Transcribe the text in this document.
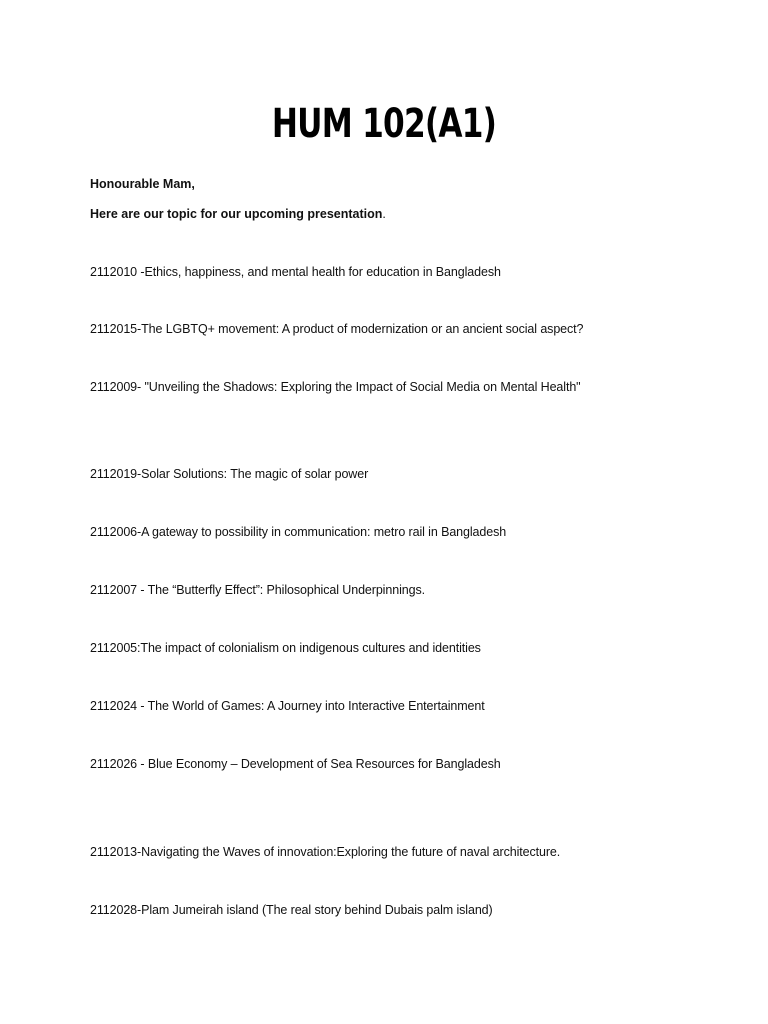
HUM 102(A1)

Honourable Mam,

Here are our topic for our upcoming presentation.

2112010 -Ethics, happiness, and mental health for education in Bangladesh

2112015-The LGBTQ+ movement: A product of modernization or an ancient social aspect?

2112009- "Unveiling the Shadows: Exploring the Impact of Social Media on Mental Health"

2112019-Solar Solutions: The magic of solar power

2112006-A gateway to possibility in communication: metro rail in Bangladesh

2112007 - The “Butterfly Effect”: Philosophical Underpinnings.

2112005:The impact of colonialism on indigenous cultures and identities

2112024 - The World of Games: A Journey into Interactive Entertainment

2112026 - Blue Economy – Development of Sea Resources for Bangladesh

2112013-Navigating the Waves of innovation:Exploring the future of naval architecture.

2112028-Plam Jumeirah island (The real story behind Dubais palm island)
